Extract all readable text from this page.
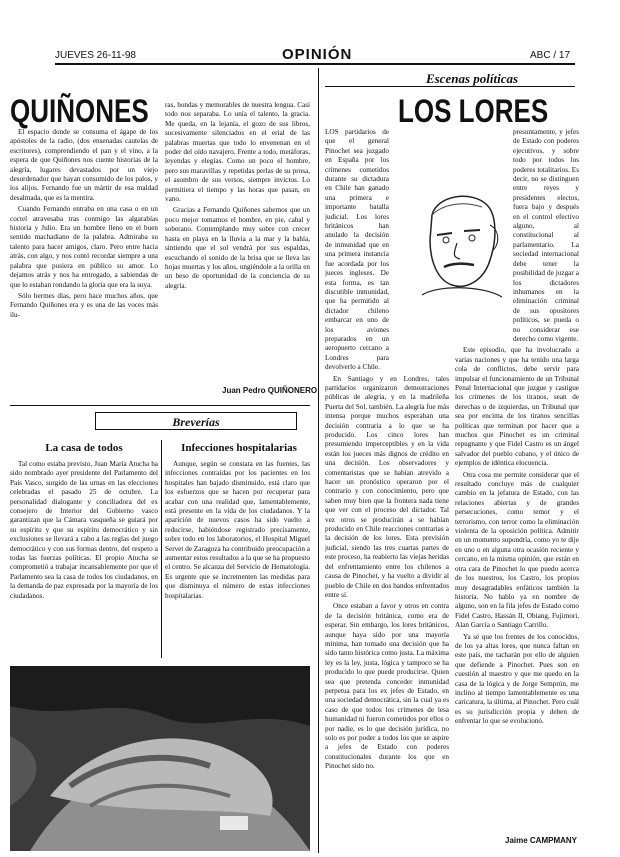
JUEVES 26-11-98	OPINIÓN	ABC / 17
QUIÑONES

El espacio donde se consuma el ágape de los apóstoles de la radio, (dos ensenadas cautelas de escritores), comprendiendo el pan y el vino, a la espera de que Quiñones nos cuente historias de la alegría, lugares devastados por un viejo desordenador que hayan consumido de los palos, y los alijos. Fernando fue un mártir de esa maldad desalmada, que es la mentira.

Cuando Fernando entraba en una casa o en un coctel atravesaba tras conmigo las algarabías historia y Julio. Era un hombre lleno en el buen sentido machadiano de la palabra. Admiraba su talento para hacer amigos, claro. Pero entre hacia atrás, con algo, y nos contó recordar siempre a una palabra que pusiera en público su amor. Lo dejamos atrás y nos ha entregado, a sabiendas de que lo estaban rondando la gloria que era la suya.

Sólo hermes días, pero hace muchos años, que Fernando Quiñones era y es una de las voces más ilu-

ras, hondas y memorables de nuestra lengua. Casi todo nos separaba. Lo unía el talento, la gracia. Me queda, en la lejanía, el gozo de sus libros, sucesivamente silenciados en el erial de las palabras muertas que todo lo envenenan en el poder del oído navajero. Frente a todo, metáforas, leyendas y elegías. Como un poco el hombre, pero sus maravillas y repetidas perlas de su prosa, el asombro de sus versos, siempre invictos. Lo permitiera el tiempo y las horas que pasan, en vano.

Gracias a Fernando Quiñones sabemos que un poco mejor tomamos el hombre, en pie, cabal y soberano. Contemplando muy sobre con crecer hasta en playa en la lluvia a la mar y la bahía, sintiendo que el sol vendrá por sus espaldas, escuchando el sonido de la brisa que se lleva las hojas muertas y los años, ungiéndole a la orilla en un beso de oportunidad de la conciencia de su alegría.

Juan Pedro QUIÑONERO
Breverías
La casa de todos

Tal como estaba previsto, Juan María Atucha ha sido nombrado ayer presidente del Parlamento del País Vasco, surgido de las urnas en las elecciones celebradas el pasado 25 de octubre. La personalidad dialogante y conciliadora del ex consejero de Interior del Gobierno vasco garantizan que la Cámara vasqueña se guiará por su espíritu y que su espíritu democrático y sin exclusiones se llevará a cabo a las reglas del juego democrático y con sus formas dentro, del respeto a todas las fuerzas políticas. El propio Atucha se comprometió a trabajar incansablemente por que el Parlamento sea la casa de todos los ciudadanos, en la demanda de paz expresada por la mayoría de los ciudadanos.

Infecciones hospitalarias

Aunque, según se constata en las fuentes, las infecciones contraídas por los pacientes en los hospitales han bajado disminuido, está claro que los esfuerzos que se hacen por recuperar para acabar con una realidad que, lamentablemente, está presente en la vida de los ciudadanos. Y la aparición de nuevos casos ha sido vuelto a reducirse, habiéndose registrado precisamente, sobre todo en los laboratorios, el Hospital Miguel Servet de Zaragoza ha contribuido preocupación a aumentar estos resultados a la que se ha propuesto el centro. Se alcanza del Servicio de Hematología. Es urgente que se incrementen las medidas para que disminuya el número de estas infecciones hospitalarias.

Escenas políticas
LOS LORES

LOS partidarios de que el general Pinochet sea juzgado en España por los crímenes cometidos durante su dictadura en Chile han ganado una primera e importante batalla judicial. Los lores británicos han anulado la decisión de inmunidad que en una primera instancia fue acordada por los jueces ingleses. De esta forma, es tan discutible inmunidad, que ha permitido al dictador chileno embarcar en uno de los aviones preparados en un aeropuerto cercano a Londres para devolverlo a Chile.

En Santiago y en Londres, tales partidarios organizaron demostraciones públicas de alegría, y en la madrileña Puerta del Sol, también. La alegría fue más intensa porque muchos esperaban una decisión contraria a lo que se ha producido. Los cinco lores han presumiendo imperceptibles y en la vida están los jueces más dignos de crédito en una decisión. Los observadores y comentaristas que se habían atrevido a hacer un pronóstico operaron por el contrario y con conocimiento, pero que saben muy bien que la frontera nada tiene que ver con el proceso del dictador. Tal vez otros se producirán a se habían producido en Chile reacciones contrarias a la decisión de los lores. Esta previsión judicial, siendo las tres cuartas partes de este proceso, ha reabierto las viejas heridas del enfrentamiento entre los chilenos a causa de Pinochet, y ha vuelto a dividir al pueblo de Chile en dos bandos enfrentados entre sí.

Once estaban a favor y otros en contra de la decisión británica, como era de esperar. Sin embargo, los lores británicos, aunque haya sido por una mayoría mínima, han tomado una decisión que ha sido tanto histórica como justa. La máxima ley es la ley, justa, lógica y tampoco se ha producido lo que puede producirse. Quien sea que pretenda conceder inmunidad perpetua para los ex jefes de Estado, en una sociedad democrática, sin la cual ya es caso de que todos los crímenes de lesa humanidad ni fueron cometidos por ellos o por nadie, es lo que decisión jurídica, no solo es por poder a todos los que se aspire a jefes de Estado con poderes constitucionales durante los que en Pinochet sido no.

presuntamente, y jefes de Estado con poderes ejecutivos, y sobre todo por todos los poderes totalitarios. Es decir, no se distinguen entre reyes y presidentes electos, fuera bajo y después en el control efectivo alguno, al constitucional al parlamentario. La sociedad internacional debe tener la posibilidad de juzgar a los dictadores inhumanos en la eliminación criminal de sus opositores políticos, se pueda o no considerar ese derecho como vigente.

Este episodio, que ha involucrado a varias naciones y que ha tenido una larga cola de conflictos, debe servir para impulsar el funcionamiento de un Tribunal Penal Internacional que juzgue y castigue los crímenes de los tiranos, sean de derechas o de izquierdas, un Tribunal que sea por encima de los tiranos sencillas políticas que terminan por hacer que a muchos que Pinochet es un criminal repugnante y que Fidel Castro es un ángel salvador del pueblo cubano, y el único de ejemplos de idéntica elocuencia.

Otra cosa me permite considerar que el resultado concluye más de cualquier cambio en la jefatura de Estado, con las relaciones abiertas y de grandes persecuciones, como temor y el terrorismo, con terror como la eliminación violenta de la oposición política. Admitir en un momento supondría, como yo te dije en uno o en alguna otra ocasión reciente y cercano, en la misma opinión, que están en otra cara de Pinochet lo que puedo acerca de los nuestros, los Castro, los propios muy desagradables enfáticos también la historia. No hablo ya en nombre de alguno, son en la fila jefes de Estado como Fidel Castro, Hassán II, Obiang, Fujimori, Alan García o Santiago Carrillo.

Ya sé que los frentes de los conocidos, de los ya altas lores, que nunca faltan en este país, me tacharán por ello de alguien que defiende a Pinochet. Pues son en cuestión al maestro y que me quedo en la casa de la lógica y de Jorge Semprún, me inclino al tiempo lamentablemente es una caricatura, la última, al Pinochet. Pero cuál es su jurisdicción propia y deben de enfrentar lo que se evolucionó.

Jaime CAMPMANY
